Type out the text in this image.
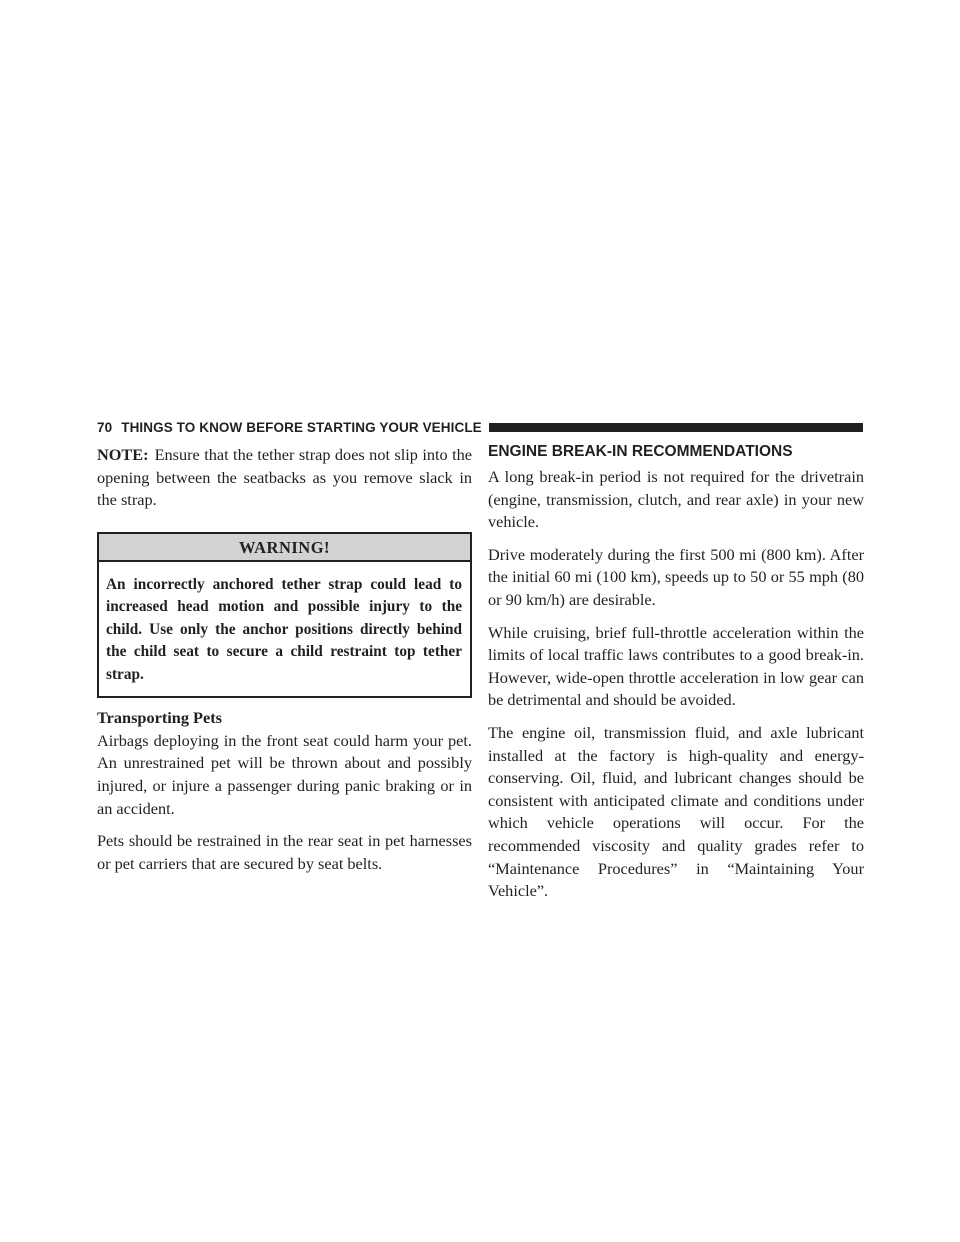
70 THINGS TO KNOW BEFORE STARTING YOUR VEHICLE

NOTE: Ensure that the tether strap does not slip into the opening between the seatbacks as you remove slack in the strap.

WARNING!
An incorrectly anchored tether strap could lead to increased head motion and possible injury to the child. Use only the anchor positions directly behind the child seat to secure a child restraint top tether strap.
Transporting Pets

Airbags deploying in the front seat could harm your pet. An unrestrained pet will be thrown about and possibly injured, or injure a passenger during panic braking or in an accident.

Pets should be restrained in the rear seat in pet harnesses or pet carriers that are secured by seat belts.

ENGINE BREAK-IN RECOMMENDATIONS

A long break-in period is not required for the drivetrain (engine, transmission, clutch, and rear axle) in your new vehicle.

Drive moderately during the first 500 mi (800 km). After the initial 60 mi (100 km), speeds up to 50 or 55 mph (80 or 90 km/h) are desirable.

While cruising, brief full-throttle acceleration within the limits of local traffic laws contributes to a good break-in. However, wide-open throttle acceleration in low gear can be detrimental and should be avoided.

The engine oil, transmission fluid, and axle lubricant installed at the factory is high-quality and energy-conserving. Oil, fluid, and lubricant changes should be consistent with anticipated climate and conditions under which vehicle operations will occur. For the recommended viscosity and quality grades refer to “Maintenance Procedures” in “Maintaining Your Vehicle”.
